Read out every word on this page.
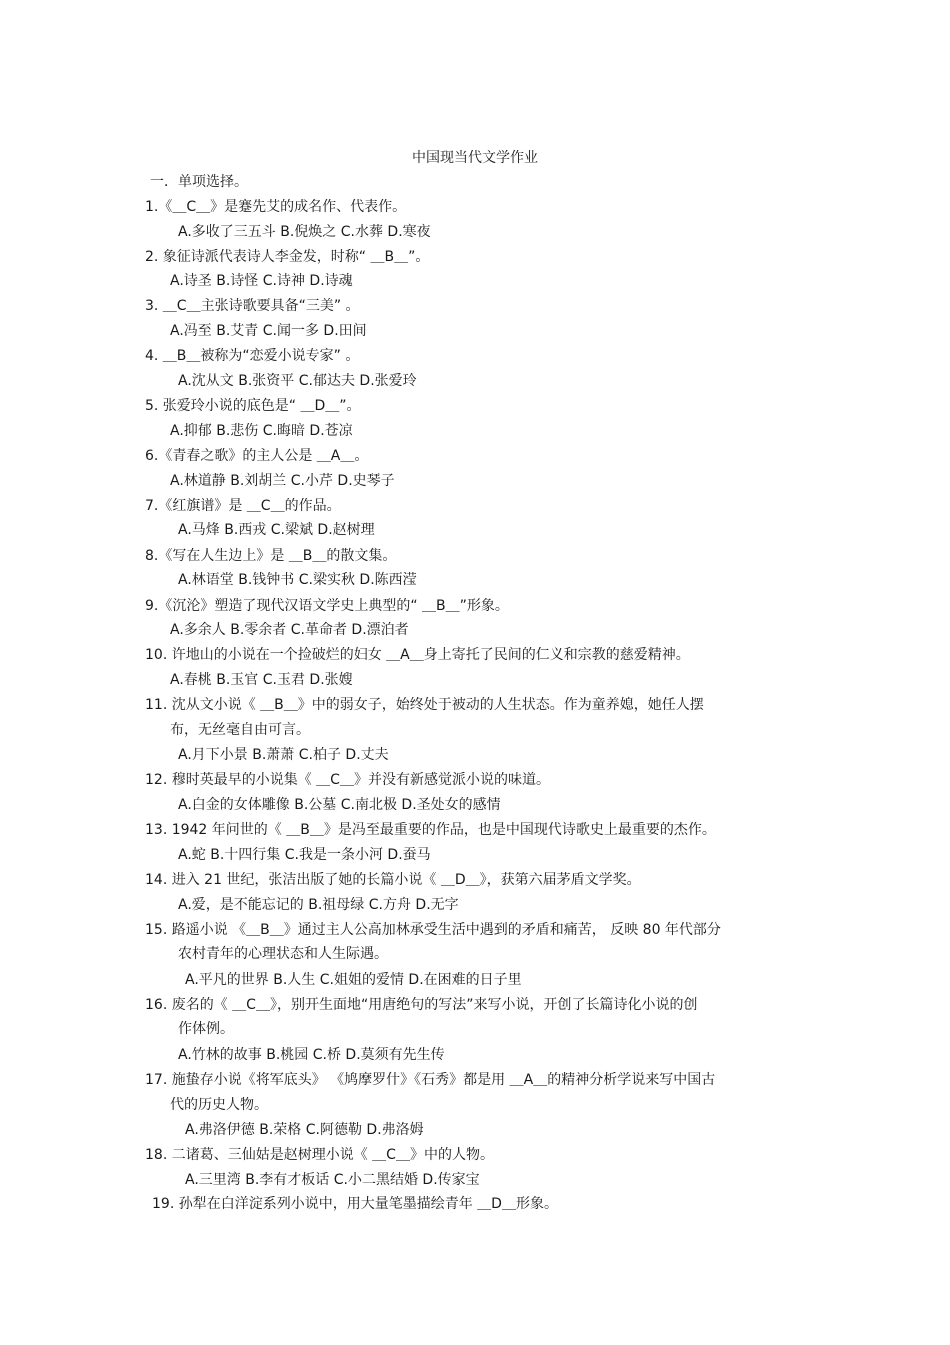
中国现当代文学作业
一．单项选择。
1.《＿C＿》是蹇先艾的成名作、代表作。
A.多收了三五斗 B.倪焕之 C.水葬 D.寒夜
2. 象征诗派代表诗人李金发，时称“ ＿B＿”。
A.诗圣 B.诗怪 C.诗神 D.诗魂
3. ＿C＿主张诗歌要具备“三美” 。
A.冯至 B.艾青 C.闻一多 D.田间
4. ＿B＿被称为“恋爱小说专家” 。
A.沈从文 B.张资平 C.郁达夫 D.张爱玲
5. 张爱玲小说的底色是“ ＿D＿”。
A.抑郁 B.悲伤 C.晦暗 D.苍凉
6.《青春之歌》的主人公是 ＿A＿。
A.林道静 B.刘胡兰 C.小芹 D.史琴子
7.《红旗谱》是 ＿C＿的作品。
A.马烽 B.西戎 C.梁斌 D.赵树理
8.《写在人生边上》是 ＿B＿的散文集。
A.林语堂 B.钱钟书 C.梁实秋 D.陈西滢
9.《沉沦》塑造了现代汉语文学史上典型的“ ＿B＿”形象。
A.多余人 B.零余者 C.革命者 D.漂泊者
10. 许地山的小说在一个捡破烂的妇女 ＿A＿身上寄托了民间的仁义和宗教的慈爱精神。
A.春桃 B.玉官 C.玉君 D.张嫂
11. 沈从文小说《 ＿B＿》中的弱女子，始终处于被动的人生状态。作为童养媳，她任人摆
布，无丝毫自由可言。
A.月下小景 B.萧萧 C.柏子 D.丈夫
12. 穆时英最早的小说集《 ＿C＿》并没有新感觉派小说的味道。
A.白金的女体雕像 B.公墓 C.南北极 D.圣处女的感情
13. 1942 年问世的《 ＿B＿》是冯至最重要的作品，也是中国现代诗歌史上最重要的杰作。
A.蛇 B.十四行集 C.我是一条小河 D.蚕马
14. 进入 21 世纪，张洁出版了她的长篇小说《 ＿D＿》，获第六届茅盾文学奖。
A.爱，是不能忘记的 B.祖母绿 C.方舟 D.无字
15. 路遥小说 《＿B＿》通过主人公高加林承受生活中遇到的矛盾和痛苦， 反映 80 年代部分
农村青年的心理状态和人生际遇。
A.平凡的世界 B.人生 C.姐姐的爱情 D.在困难的日子里
16. 废名的《 ＿C＿》，别开生面地“用唐绝句的写法”来写小说，开创了长篇诗化小说的创
作体例。
A.竹林的故事 B.桃园 C.桥 D.莫须有先生传
17. 施蛰存小说《将军底头》 《鸠摩罗什》《石秀》都是用 ＿A＿的精神分析学说来写中国古
代的历史人物。
A.弗洛伊德 B.荣格 C.阿德勒 D.弗洛姆
18. 二诸葛、三仙姑是赵树理小说《 ＿C＿》中的人物。
A.三里湾 B.李有才板话 C.小二黑结婚 D.传家宝
19. 孙犁在白洋淀系列小说中，用大量笔墨描绘青年 ＿D＿形象。
